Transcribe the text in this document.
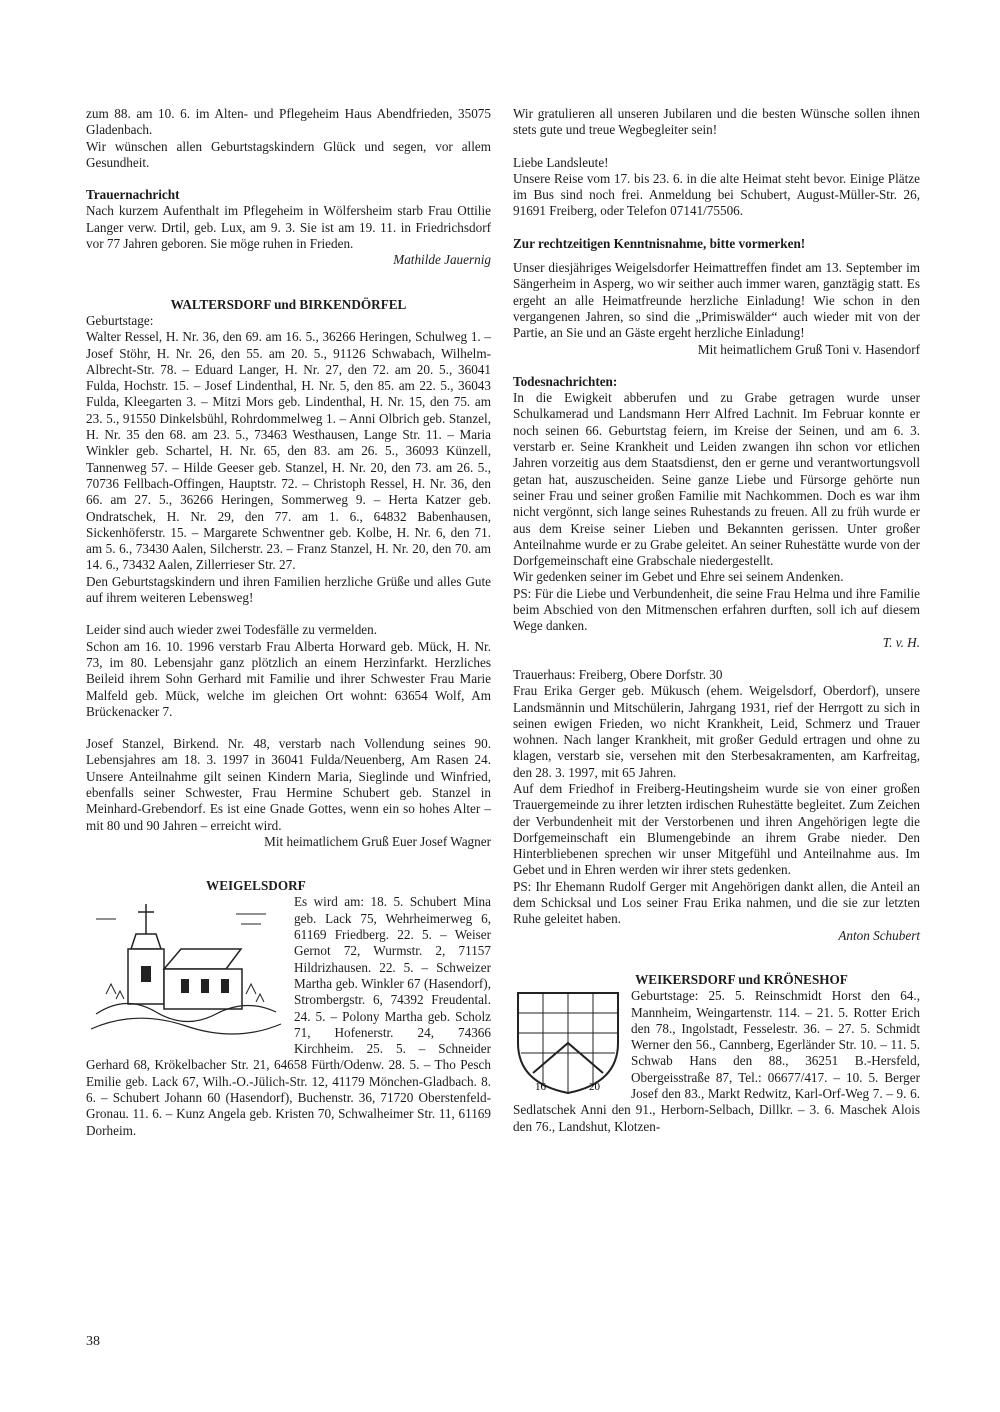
zum 88. am 10. 6. im Alten- und Pflegeheim Haus Abendfrieden, 35075 Gladenbach.

Wir wünschen allen Geburtstagskindern Glück und segen, vor allem Gesundheit.

Trauernachricht

Nach kurzem Aufenthalt im Pflegeheim in Wölfersheim starb Frau Ottilie Langer verw. Drtil, geb. Lux, am 9. 3. Sie ist am 19. 11. in Friedrichsdorf vor 77 Jahren geboren. Sie möge ruhen in Frieden.

Mathilde Jauernig

WALTERSDORF und BIRKENDÖRFEL

Geburtstage:

Walter Ressel, H. Nr. 36, den 69. am 16. 5., 36266 Heringen, Schulweg 1. – Josef Stöhr, H. Nr. 26, den 55. am 20. 5., 91126 Schwabach, Wilhelm-Albrecht-Str. 78. – Eduard Langer, H. Nr. 27, den 72. am 20. 5., 36041 Fulda, Hochstr. 15. – Josef Lindenthal, H. Nr. 5, den 85. am 22. 5., 36043 Fulda, Kleegarten 3. – Mitzi Mors geb. Lindenthal, H. Nr. 15, den 75. am 23. 5., 91550 Dinkelsbühl, Rohrdommelweg 1. – Anni Olbrich geb. Stanzel, H. Nr. 35 den 68. am 23. 5., 73463 Westhausen, Lange Str. 11. – Maria Winkler geb. Schartel, H. Nr. 65, den 83. am 26. 5., 36093 Künzell, Tannenweg 57. – Hilde Geeser geb. Stanzel, H. Nr. 20, den 73. am 26. 5., 70736 Fellbach-Offingen, Hauptstr. 72. – Christoph Ressel, H. Nr. 36, den 66. am 27. 5., 36266 Heringen, Sommerweg 9. – Herta Katzer geb. Ondratschek, H. Nr. 29, den 77. am 1. 6., 64832 Babenhausen, Sickenhöferstr. 15. – Margarete Schwentner geb. Kolbe, H. Nr. 6, den 71. am 5. 6., 73430 Aalen, Silcherstr. 23. – Franz Stanzel, H. Nr. 20, den 70. am 14. 6., 73432 Aalen, Zillerrieser Str. 27.

Den Geburtstagskindern und ihren Familien herzliche Grüße und alles Gute auf ihrem weiteren Lebensweg!

Leider sind auch wieder zwei Todesfälle zu vermelden.

Schon am 16. 10. 1996 verstarb Frau Alberta Horward geb. Mück, H. Nr. 73, im 80. Lebensjahr ganz plötzlich an einem Herzinfarkt. Herzliches Beileid ihrem Sohn Gerhard mit Familie und ihrer Schwester Frau Marie Malfeld geb. Mück, welche im gleichen Ort wohnt: 63654 Wolf, Am Brückenacker 7.

Josef Stanzel, Birkend. Nr. 48, verstarb nach Vollendung seines 90. Lebensjahres am 18. 3. 1997 in 36041 Fulda/Neuenberg, Am Rasen 24. Unsere Anteilnahme gilt seinen Kindern Maria, Sieglinde und Winfried, ebenfalls seiner Schwester, Frau Hermine Schubert geb. Stanzel in Meinhard-Grebendorf. Es ist eine Gnade Gottes, wenn ein so hohes Alter – mit 80 und 90 Jahren – erreicht wird.

Mit heimatlichem Gruß Euer Josef Wagner

WEIGELSDORF

Es wird am: 18. 5. Schubert Mina geb. Lack 75, Wehrheimerweg 6, 61169 Friedberg. 22. 5. – Weiser Gernot 72, Wurmstr. 2, 71157 Hildrizhausen. 22. 5. – Schweizer Martha geb. Winkler 67 (Hasendorf), Strombergstr. 6, 74392 Freudental. 24. 5. – Polony Martha geb. Scholz 71, Hofenerstr. 24, 74366 Kirchheim. 25. 5. – Schneider Gerhard 68, Krökelbacher Str. 21, 64658 Fürth/Odenw. 28. 5. – Tho Pesch Emilie geb. Lack 67, Wilh.-O.-Jülich-Str. 12, 41179 Mönchen-Gladbach. 8. 6. – Schubert Johann 60 (Hasendorf), Buchenstr. 36, 71720 Oberstenfeld-Gronau. 11. 6. – Kunz Angela geb. Kristen 70, Schwalheimer Str. 11, 61169 Dorheim.

Wir gratulieren all unseren Jubilaren und die besten Wünsche sollen ihnen stets gute und treue Wegbegleiter sein!

Liebe Landsleute!

Unsere Reise vom 17. bis 23. 6. in die alte Heimat steht bevor. Einige Plätze im Bus sind noch frei. Anmeldung bei Schubert, August-Müller-Str. 26, 91691 Freiberg, oder Telefon 07141/75506.

Zur rechtzeitigen Kenntnisnahme, bitte vormerken!

Unser diesjähriges Weigelsdorfer Heimattreffen findet am 13. September im Sängerheim in Asperg, wo wir seither auch immer waren, ganztägig statt. Es ergeht an alle Heimatfreunde herzliche Einladung! Wie schon in den vergangenen Jahren, so sind die „Primiswälder“ auch wieder mit von der Partie, an Sie und an Gäste ergeht herzliche Einladung!

Mit heimatlichem Gruß Toni v. Hasendorf

Todesnachrichten:

In die Ewigkeit abberufen und zu Grabe getragen wurde unser Schulkamerad und Landsmann Herr Alfred Lachnit. Im Februar konnte er noch seinen 66. Geburtstag feiern, im Kreise der Seinen, und am 6. 3. verstarb er. Seine Krankheit und Leiden zwangen ihn schon vor etlichen Jahren vorzeitig aus dem Staatsdienst, den er gerne und verantwortungsvoll getan hat, auszuscheiden. Seine ganze Liebe und Fürsorge gehörte nun seiner Frau und seiner großen Familie mit Nachkommen. Doch es war ihm nicht vergönnt, sich lange seines Ruhestands zu freuen. All zu früh wurde er aus dem Kreise seiner Lieben und Bekannten gerissen. Unter großer Anteilnahme wurde er zu Grabe geleitet. An seiner Ruhestätte wurde von der Dorfgemeinschaft eine Grabschale niedergestellt.

Wir gedenken seiner im Gebet und Ehre sei seinem Andenken.

PS: Für die Liebe und Verbundenheit, die seine Frau Helma und ihre Familie beim Abschied von den Mitmenschen erfahren durften, soll ich auf diesem Wege danken.

T. v. H.

Trauerhaus: Freiberg, Obere Dorfstr. 30

Frau Erika Gerger geb. Mükusch (ehem. Weigelsdorf, Oberdorf), unsere Landsmännin und Mitschülerin, Jahrgang 1931, rief der Herrgott zu sich in seinen ewigen Frieden, wo nicht Krankheit, Leid, Schmerz und Trauer wohnen. Nach langer Krankheit, mit großer Geduld ertragen und ohne zu klagen, verstarb sie, versehen mit den Sterbesakramenten, am Karfreitag, den 28. 3. 1997, mit 65 Jahren.

Auf dem Friedhof in Freiberg-Heutingsheim wurde sie von einer großen Trauergemeinde zu ihrer letzten irdischen Ruhestätte begleitet. Zum Zeichen der Verbundenheit mit der Verstorbenen und ihren Angehörigen legte die Dorfgemeinschaft ein Blumengebinde an ihrem Grabe nieder. Den Hinterbliebenen sprechen wir unser Mitgefühl und Anteilnahme aus. Im Gebet und in Ehren werden wir ihrer stets gedenken.

PS: Ihr Ehemann Rudolf Gerger mit Angehörigen dankt allen, die Anteil an dem Schicksal und Los seiner Frau Erika nahmen, und die sie zur letzten Ruhe geleitet haben.

Anton Schubert

WEIKERSDORF und KRÖNESHOF

16	20

Geburtstage: 25. 5. Reinschmidt Horst den 64., Mannheim, Weingartenstr. 114. – 21. 5. Rotter Erich den 78., Ingolstadt, Fesselestr. 36. – 27. 5. Schmidt Werner den 56., Cannberg, Egerländer Str. 10. – 11. 5. Schwab Hans den 88., 36251 B.-Hersfeld, Obergeisstraße 87, Tel.: 06677/417. – 10. 5. Berger Josef den 83., Markt Redwitz, Karl-Orf-Weg 7. – 9. 6. Sedlatschek Anni den 91., Herborn-Selbach, Dillkr. – 3. 6. Maschek Alois den 76., Landshut, Klotzen-

38
